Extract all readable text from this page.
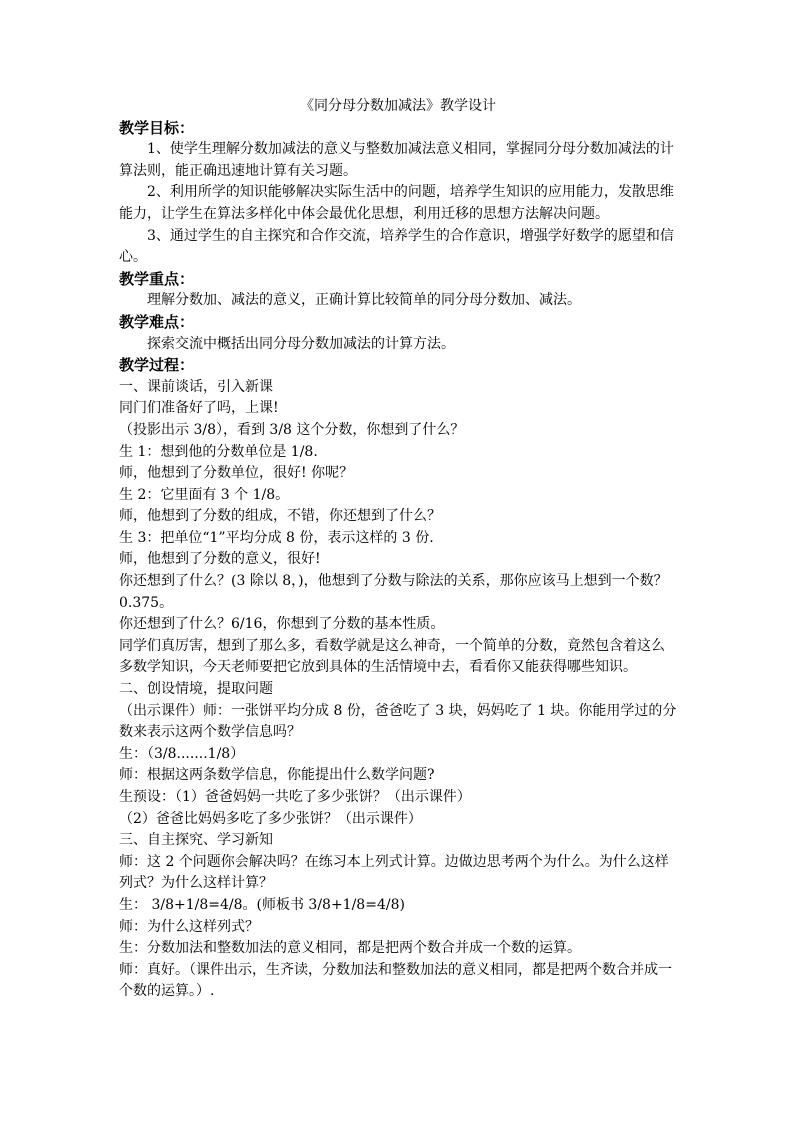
《同分母分数加减法》教学设计

教学目标：

1、使学生理解分数加减法的意义与整数加减法意义相同，掌握同分母分数加减法的计算法则，能正确迅速地计算有关习题。

2、利用所学的知识能够解决实际生活中的问题，培养学生知识的应用能力，发散思维能力，让学生在算法多样化中体会最优化思想，利用迁移的思想方法解决问题。

3、通过学生的自主探究和合作交流，培养学生的合作意识，增强学好数学的愿望和信心。

教学重点：

理解分数加、减法的意义，正确计算比较简单的同分母分数加、减法。

教学难点：

探索交流中概括出同分母分数加减法的计算方法。

教学过程：

一、课前谈话，引入新课

同门们准备好了吗，上课!

（投影出示 3/8），看到 3/8 这个分数，你想到了什么？

生 1：想到他的分数单位是 1/8.

师，他想到了分数单位，很好! 你呢？

生 2：它里面有 3 个 1/8。

师，他想到了分数的组成，不错，你还想到了什么？

生 3：把单位“1”平均分成 8 份，表示这样的 3 份.

师，他想到了分数的意义，很好!

你还想到了什么？(3 除以 8，)，他想到了分数与除法的关系，那你应该马上想到一个数？0.375。

你还想到了什么？6/16，你想到了分数的基本性质。

同学们真厉害，想到了那么多，看数学就是这么神奇，一个简单的分数，竟然包含着这么多数学知识，今天老师要把它放到具体的生活情境中去，看看你又能获得哪些知识。

二、创设情境，提取问题

（出示课件）师：一张饼平均分成 8 份，爸爸吃了 3 块，妈妈吃了 1 块。你能用学过的分数来表示这两个数学信息吗？

生：（3/8.......1/8）

师：根据这两条数学信息，你能提出什么数学问题?

生预设：（1）爸爸妈妈一共吃了多少张饼？（出示课件）

（2）爸爸比妈妈多吃了多少张饼？（出示课件）

三、自主探究、学习新知

师：这 2 个问题你会解决吗？在练习本上列式计算。边做边思考两个为什么。为什么这样列式？为什么这样计算？

生： 3/8+1/8=4/8。(师板书 3/8+1/8=4/8)

师：为什么这样列式？

生：分数加法和整数加法的意义相同，都是把两个数合并成一个数的运算。

师：真好。（课件出示，生齐读，分数加法和整数加法的意义相同，都是把两个数合并成一个数的运算。）.
